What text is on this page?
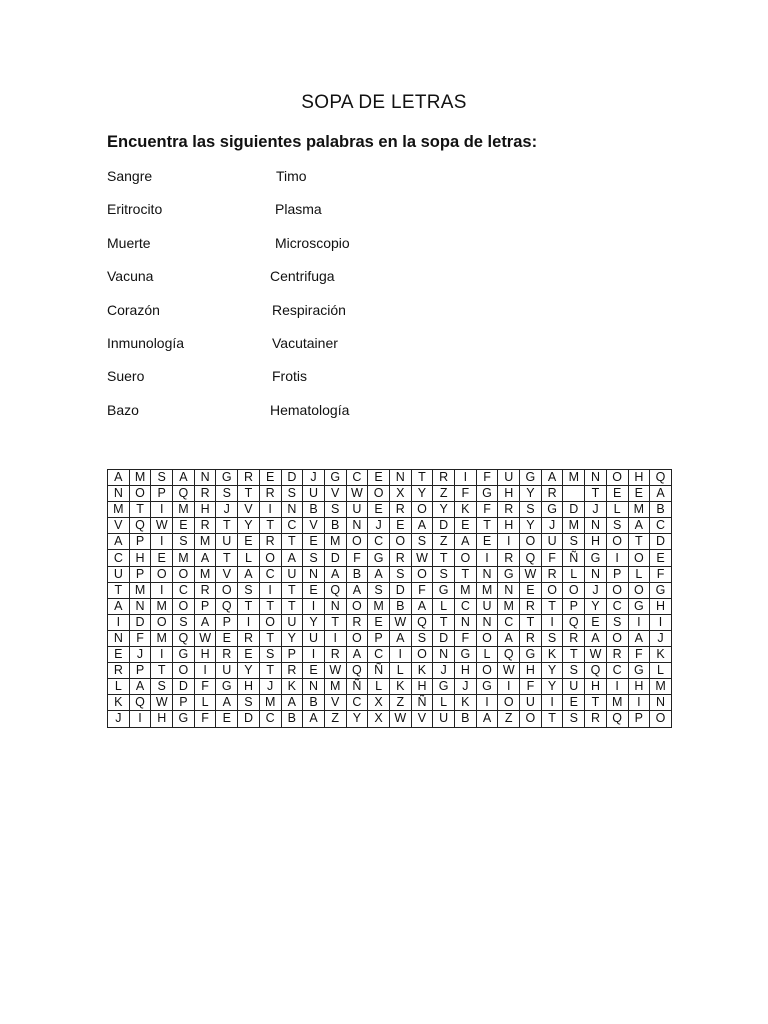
SOPA DE LETRAS
Encuentra las siguientes palabras en la sopa de letras:
Sangre	Timo
Eritrocito	Plasma
Muerte	Microscopio
Vacuna	Centrifuga
Corazón	Respiración
Inmunología	Vacutainer
Suero	Frotis
Bazo	Hematología
A	M	S	A	N	G	R	E	D	J	G	C	E	N	T	R	I	F	U	G	A	M	N	O	H	Q
N	O	P	Q	R	S	T	R	S	U	V	W	O	X	Y	Z	F	G	H	Y	R		T	E	E	A
M	T	I	M	H	J	V	I	N	B	S	U	E	R	O	Y	K	F	R	S	G	D	J	L	M	B
V	Q	W	E	R	T	Y	T	C	V	B	N	J	E	A	D	E	T	H	Y	J	M	N	S	A	C
A	P	I	S	M	U	E	R	T	E	M	O	C	O	S	Z	A	E	I	O	U	S	H	O	T	D
C	H	E	M	A	T	L	O	A	S	D	F	G	R	W	T	O	I	R	Q	F	Ñ	G	I	O	E
U	P	O	O	M	V	A	C	U	N	A	B	A	S	O	S	T	N	G	W	R	L	N	P	L	F
T	M	I	C	R	O	S	I	T	E	Q	A	S	D	F	G	M	M	N	E	O	O	J	O	O	G
A	N	M	O	P	Q	T	T	T	I	N	O	M	B	A	L	C	U	M	R	T	P	Y	C	G	H
I	D	O	S	A	P	I	O	U	Y	T	R	E	W	Q	T	N	N	C	T	I	Q	E	S	I	I
N	F	M	Q	W	E	R	T	Y	U	I	O	P	A	S	D	F	O	A	R	S	R	A	O	A	J
E	J	I	G	H	R	E	S	P	I	R	A	C	I	O	N	G	L	Q	G	K	T	W	R	F	K
R	P	T	O	I	U	Y	T	R	E	W	Q	Ñ	L	K	J	H	O	W	H	Y	S	Q	C	G	L
L	A	S	D	F	G	H	J	K	N	M	Ñ	L	K	H	G	J	G	I	F	Y	U	H	I	H	M
K	Q	W	P	L	A	S	M	A	B	V	C	X	Z	Ñ	L	K	I	O	U	I	E	T	M	I	N
J	I	H	G	F	E	D	C	B	A	Z	Y	X	W	V	U	B	A	Z	O	T	S	R	Q	P	O
